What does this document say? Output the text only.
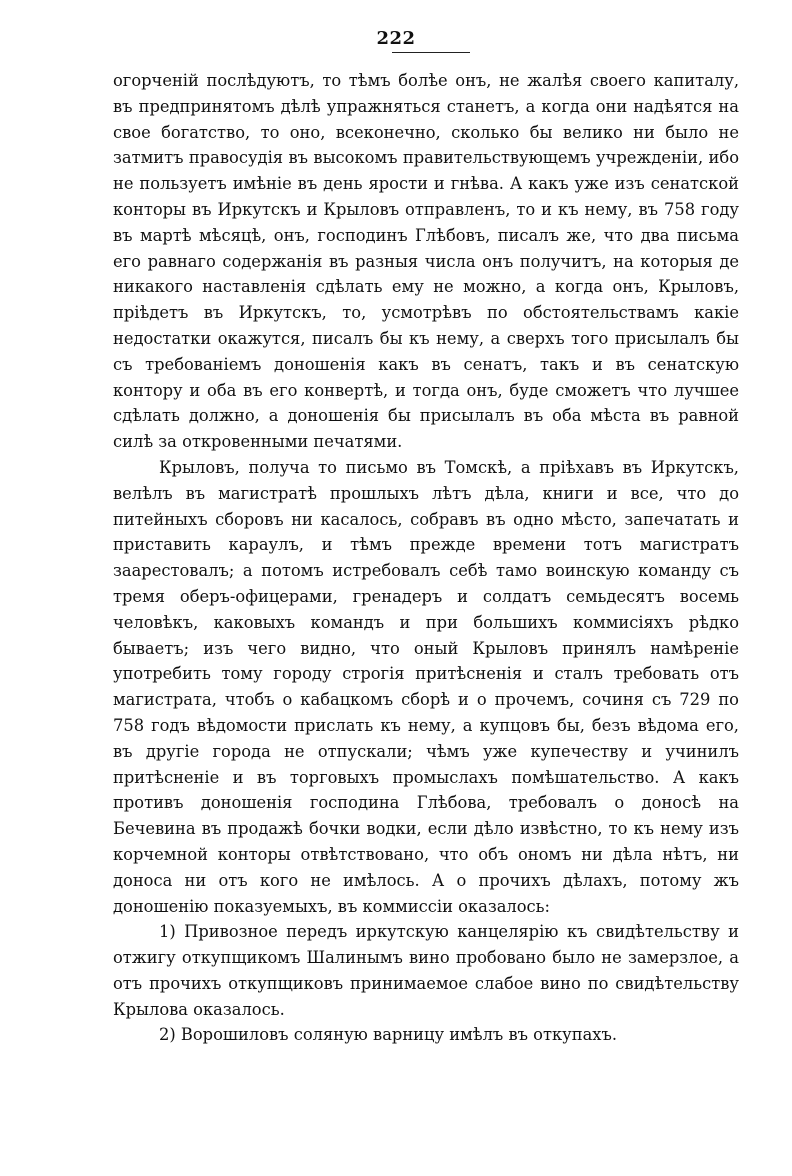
222

огорченій послѣдуютъ, то тѣмъ болѣе онъ, не жалѣя своего капиталу, въ предпринятомъ дѣлѣ упражняться станетъ, а когда они надѣятся на свое богатство, то оно, всеконечно, сколько бы велико ни было не затмитъ правосудія въ высокомъ правительствующемъ учрежденіи, ибо не пользуетъ имѣніе въ день ярости и гнѣва. А какъ уже изъ сенатской конторы въ Иркутскъ и Крыловъ отправленъ, то и къ нему, въ 758 году въ мартѣ мѣсяцѣ, онъ, господинъ Глѣбовъ, писалъ же, что два письма его равнаго содержанія въ разныя числа онъ получитъ, на которыя де никакого наставленія сдѣлать ему не можно, а когда онъ, Крыловъ, пріѣдетъ въ Иркутскъ, то, усмотрѣвъ по обстоятельствамъ какіе недостатки окажутся, писалъ бы къ нему, а сверхъ того присылалъ бы съ требованіемъ доношенія какъ въ сенатъ, такъ и въ сенатскую контору и оба въ его конвертѣ, и тогда онъ, буде сможетъ что лучшее сдѣлать должно, а доношенія бы присылалъ въ оба мѣста въ равной силѣ за откровенными печатями.

Крыловъ, получа то письмо въ Томскѣ, а пріѣхавъ въ Иркутскъ, велѣлъ въ магистратѣ прошлыхъ лѣтъ дѣла, книги и все, что до питейныхъ сборовъ ни касалось, собравъ въ одно мѣсто, запечатать и приставить караулъ, и тѣмъ прежде времени тотъ магистратъ заарестовалъ; а потомъ истребовалъ себѣ тамо воинскую команду съ тремя оберъ-офицерами, гренадеръ и солдатъ семьдесятъ восемь человѣкъ, каковыхъ командъ и при большихъ коммисіяхъ рѣдко бываетъ; изъ чего видно, что оный Крыловъ принялъ намѣреніе употребить тому городу строгія притѣсненія и сталъ требовать отъ магистрата, чтобъ о кабацкомъ сборѣ и о прочемъ, сочиня съ 729 по 758 годъ вѣдомости прислать къ нему, а купцовъ бы, безъ вѣдома его, въ другіе города не отпускали; чѣмъ уже купечеству и учинилъ притѣсненіе и въ торговыхъ промыслахъ помѣшательство. А какъ противъ доношенія господина Глѣбова, требовалъ о доносѣ на Бечевина въ продажѣ бочки водки, если дѣло извѣстно, то къ нему изъ корчемной конторы отвѣтствовано, что объ ономъ ни дѣла нѣтъ, ни доноса ни отъ кого не имѣлось. А о прочихъ дѣлахъ, потому жъ доношенію показуемыхъ, въ коммиссіи оказалось:

1) Привозное передъ иркутскую канцелярію къ свидѣтельству и отжигу откупщикомъ Шалинымъ вино пробовано было не замерзлое, а отъ прочихъ откупщиковъ принимаемое слабое вино по свидѣтельству Крылова оказалось.

2) Ворошиловъ соляную варницу имѣлъ въ откупахъ.
